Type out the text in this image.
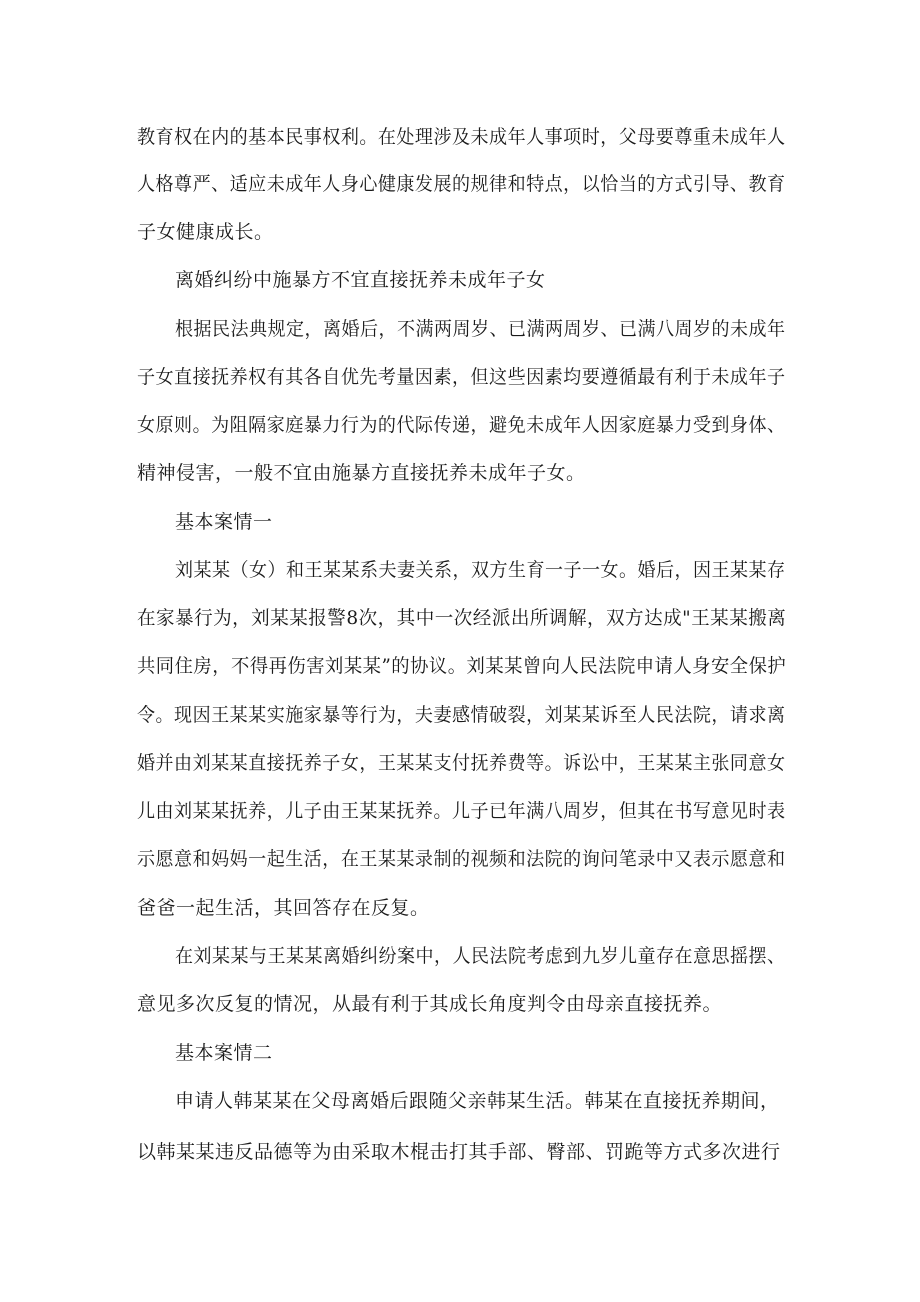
教育权在内的基本民事权利。在处理涉及未成年人事项时，父母要尊重未成年人
人格尊严、适应未成年人身心健康发展的规律和特点，以恰当的方式引导、教育
子女健康成长。
离婚纠纷中施暴方不宜直接抚养未成年子女
根据民法典规定，离婚后，不满两周岁、已满两周岁、已满八周岁的未成年
子女直接抚养权有其各自优先考量因素，但这些因素均要遵循最有利于未成年子
女原则。为阻隔家庭暴力行为的代际传递，避免未成年人因家庭暴力受到身体、
精神侵害，一般不宜由施暴方直接抚养未成年子女。
基本案情一
刘某某（女）和王某某系夫妻关系，双方生育一子一女。婚后，因王某某存
在家暴行为，刘某某报警8次，其中一次经派出所调解，双方达成"王某某搬离
共同住房，不得再伤害刘某某”的协议。刘某某曾向人民法院申请人身安全保护
令。现因王某某实施家暴等行为，夫妻感情破裂，刘某某诉至人民法院，请求离
婚并由刘某某直接抚养子女，王某某支付抚养费等。诉讼中，王某某主张同意女
儿由刘某某抚养，儿子由王某某抚养。儿子已年满八周岁，但其在书写意见时表
示愿意和妈妈一起生活，在王某某录制的视频和法院的询问笔录中又表示愿意和
爸爸一起生活，其回答存在反复。
在刘某某与王某某离婚纠纷案中，人民法院考虑到九岁儿童存在意思摇摆、
意见多次反复的情况，从最有利于其成长角度判令由母亲直接抚养。
基本案情二
申请人韩某某在父母离婚后跟随父亲韩某生活。韩某在直接抚养期间，
以韩某某违反品德等为由采取木棍击打其手部、臀部、罚跪等方式多次进行
